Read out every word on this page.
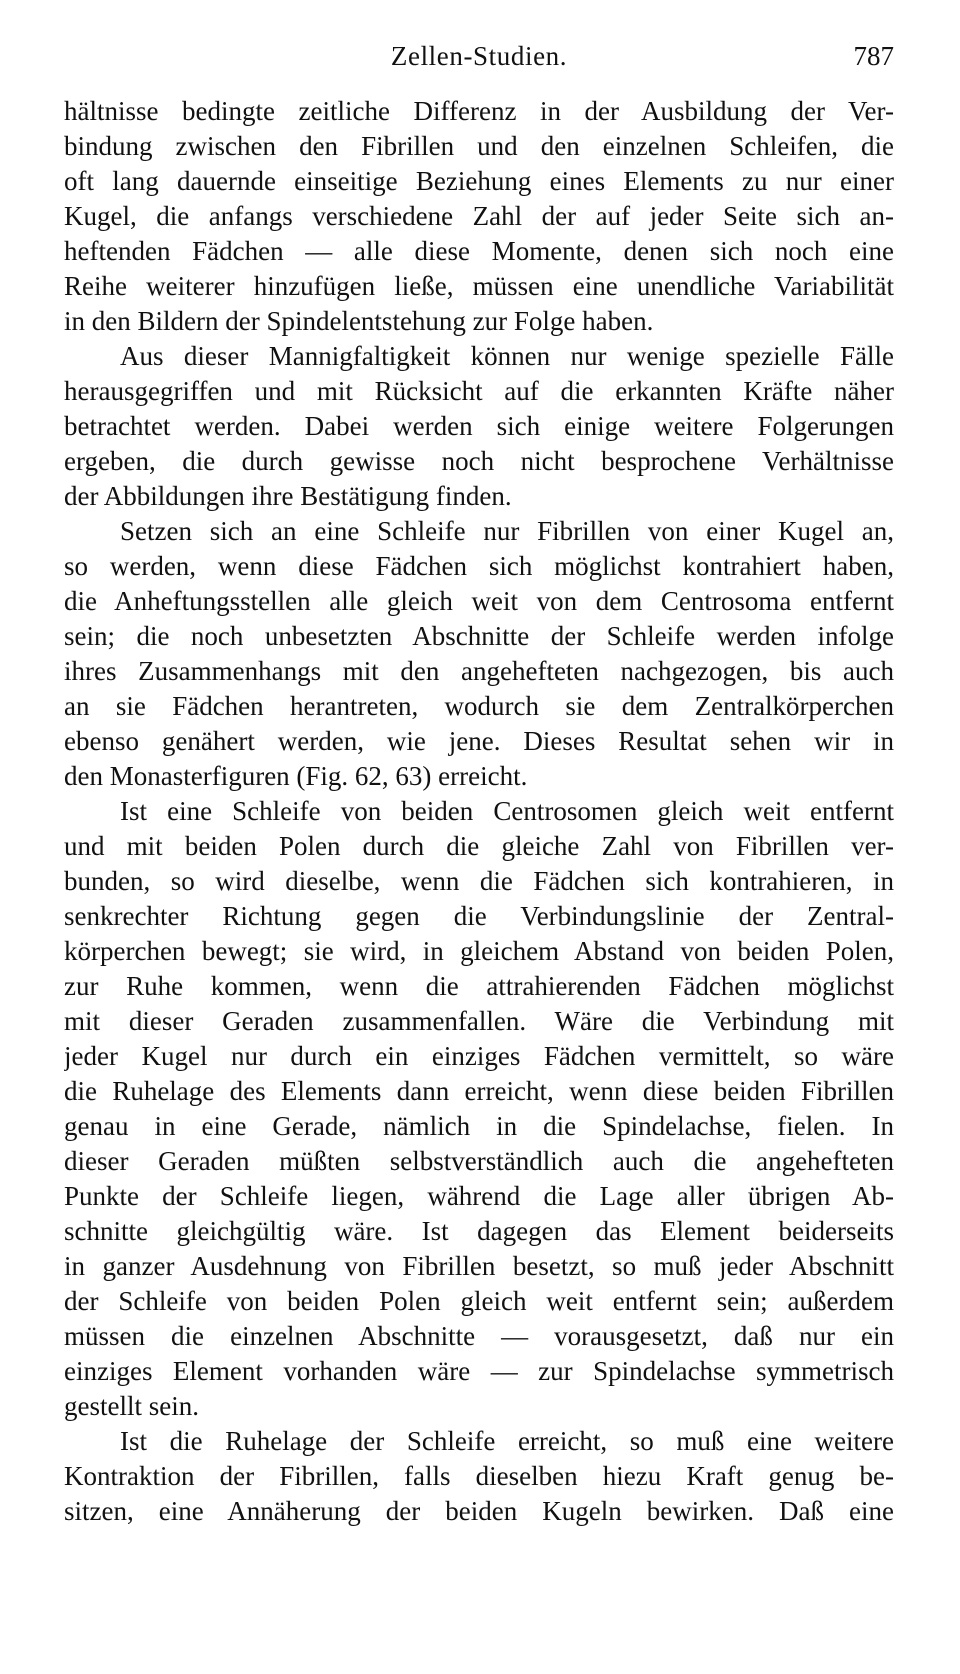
Zellen-Studien.	787
hältnisse bedingte zeitliche Differenz in der Ausbildung der Ver-
bindung zwischen den Fibrillen und den einzelnen Schleifen, die
oft lang dauernde einseitige Beziehung eines Elements zu nur einer
Kugel, die anfangs verschiedene Zahl der auf jeder Seite sich an-
heftenden Fädchen — alle diese Momente, denen sich noch eine
Reihe weiterer hinzufügen ließe, müssen eine unendliche Variabilität
in den Bildern der Spindelentstehung zur Folge haben.
Aus dieser Mannigfaltigkeit können nur wenige spezielle Fälle
herausgegriffen und mit Rücksicht auf die erkannten Kräfte näher
betrachtet werden. Dabei werden sich einige weitere Folgerungen
ergeben, die durch gewisse noch nicht besprochene Verhältnisse
der Abbildungen ihre Bestätigung finden.
Setzen sich an eine Schleife nur Fibrillen von einer Kugel an,
so werden, wenn diese Fädchen sich möglichst kontrahiert haben,
die Anheftungsstellen alle gleich weit von dem Centrosoma entfernt
sein; die noch unbesetzten Abschnitte der Schleife werden infolge
ihres Zusammenhangs mit den angehefteten nachgezogen, bis auch
an sie Fädchen herantreten, wodurch sie dem Zentralkörperchen
ebenso genähert werden, wie jene. Dieses Resultat sehen wir in
den Monasterfiguren (Fig. 62, 63) erreicht.
Ist eine Schleife von beiden Centrosomen gleich weit entfernt
und mit beiden Polen durch die gleiche Zahl von Fibrillen ver-
bunden, so wird dieselbe, wenn die Fädchen sich kontrahieren, in
senkrechter Richtung gegen die Verbindungslinie der Zentral-
körperchen bewegt; sie wird, in gleichem Abstand von beiden Polen,
zur Ruhe kommen, wenn die attrahierenden Fädchen möglichst
mit dieser Geraden zusammenfallen. Wäre die Verbindung mit
jeder Kugel nur durch ein einziges Fädchen vermittelt, so wäre
die Ruhelage des Elements dann erreicht, wenn diese beiden Fibrillen
genau in eine Gerade, nämlich in die Spindelachse, fielen. In
dieser Geraden müßten selbstverständlich auch die angehefteten
Punkte der Schleife liegen, während die Lage aller übrigen Ab-
schnitte gleichgültig wäre. Ist dagegen das Element beiderseits
in ganzer Ausdehnung von Fibrillen besetzt, so muß jeder Abschnitt
der Schleife von beiden Polen gleich weit entfernt sein; außerdem
müssen die einzelnen Abschnitte — vorausgesetzt, daß nur ein
einziges Element vorhanden wäre — zur Spindelachse symmetrisch
gestellt sein.
Ist die Ruhelage der Schleife erreicht, so muß eine weitere
Kontraktion der Fibrillen, falls dieselben hiezu Kraft genug be-
sitzen, eine Annäherung der beiden Kugeln bewirken. Daß eine
